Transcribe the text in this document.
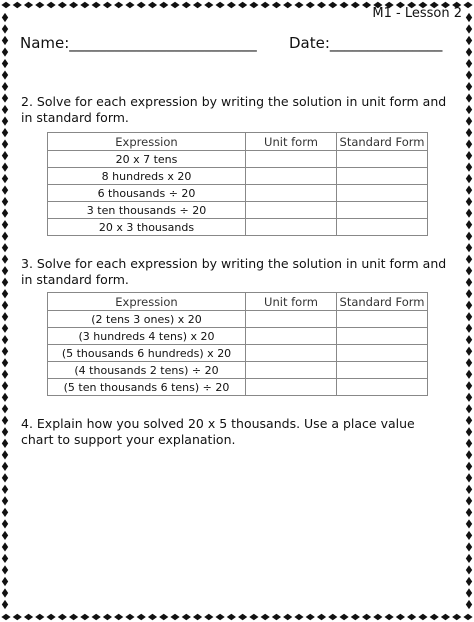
M1 - Lesson 2
Name:_________________________ Date:_______________
2. Solve for each expression by writing the solution in unit form and in standard form.
Expression	Unit form	Standard Form
20 x 7 tens		
8 hundreds x 20		
6 thousands ÷ 20		
3 ten thousands ÷ 20		
20 x 3 thousands		
3. Solve for each expression by writing the solution in unit form and in standard form.
Expression	Unit form	Standard Form
(2 tens 3 ones) x 20		
(3 hundreds 4 tens) x 20		
(5 thousands 6 hundreds) x 20		
(4 thousands 2 tens) ÷ 20		
(5 ten thousands 6 tens) ÷ 20		
4. Explain how you solved 20 x 5 thousands. Use a place value chart to support your explanation.
